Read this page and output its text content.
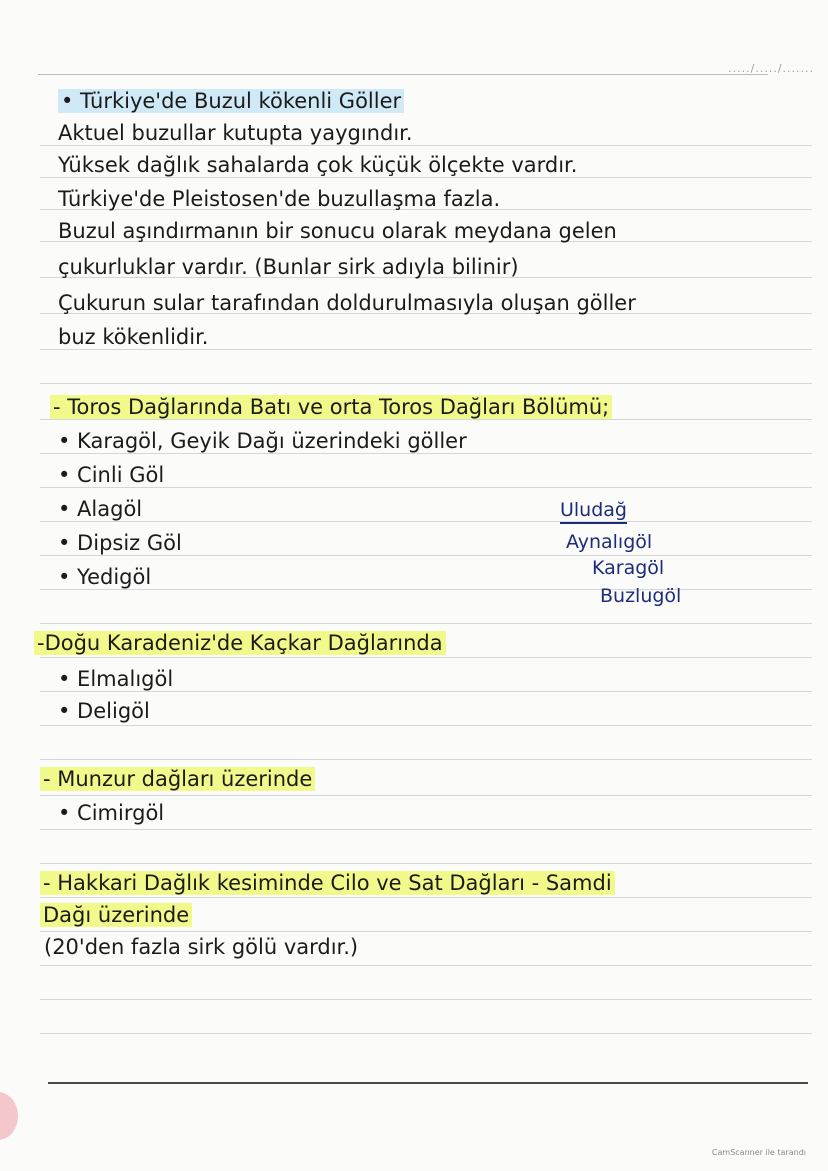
...../...../.......
• Türkiye'de Buzul kökenli Göller
Aktuel buzullar kutupta yaygındır.
Yüksek dağlık sahalarda çok küçük ölçekte vardır.
Türkiye'de Pleistosen'de buzullaşma fazla.
Buzul aşındırmanın bir sonucu olarak meydana gelen
çukurluklar vardır. (Bunlar sirk adıyla bilinir)
Çukurun sular tarafından doldurulmasıyla oluşan göller
buz kökenlidir.
- Toros Dağlarında Batı ve orta Toros Dağları Bölümü;
• Karagöl, Geyik Dağı üzerindeki göller
• Cinli Göl
• Alagöl
• Dipsiz Göl
• Yedigöl
Uludağ
Aynalıgöl
Karagöl
Buzlugöl
-Doğu Karadeniz'de Kaçkar Dağlarında
• Elmalıgöl
• Deligöl
- Munzur dağları üzerinde
• Cimirgöl
- Hakkari Dağlık kesiminde Cilo ve Sat Dağları - Samdi
Dağı üzerinde
(20'den fazla sirk gölü vardır.)
CamScanner ile tarandı
